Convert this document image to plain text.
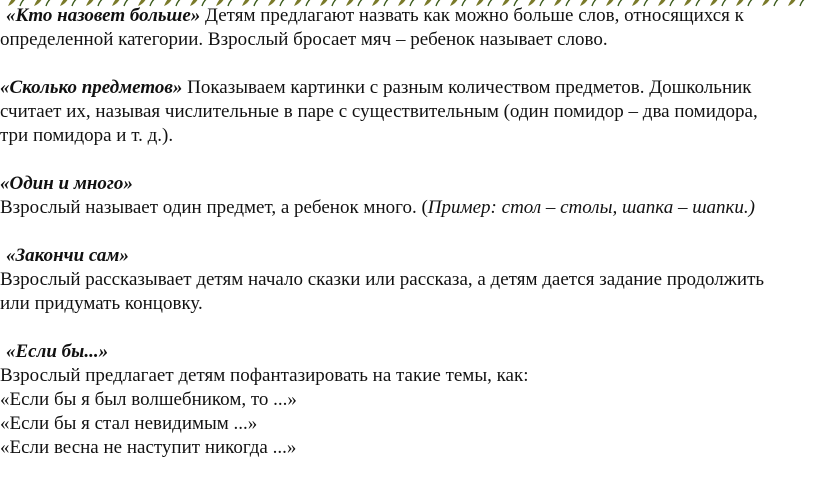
«Кто назовет больше» Детям предлагают назвать как можно больше слов, относящихся к

определенной категории. Взрослый бросает мяч – ребенок называет слово.

«Сколько предметов» Показываем картинки с разным количеством предметов. Дошкольник

считает их, называя числительные в паре с существительным (один помидор – два помидора,

три помидора и т. д.).

«Один и много»

Взрослый называет один предмет, а ребенок много. (Пример: стол – столы, шапка – шапки.)

«Закончи сам»

Взрослый рассказывает детям начало сказки или рассказа, а детям дается задание продолжить

или придумать концовку.

«Если бы...»

Взрослый предлагает детям пофантазировать на такие темы, как:

«Если бы я был волшебником, то ...»

«Если бы я стал невидимым ...»

«Если весна не наступит никогда ...»
